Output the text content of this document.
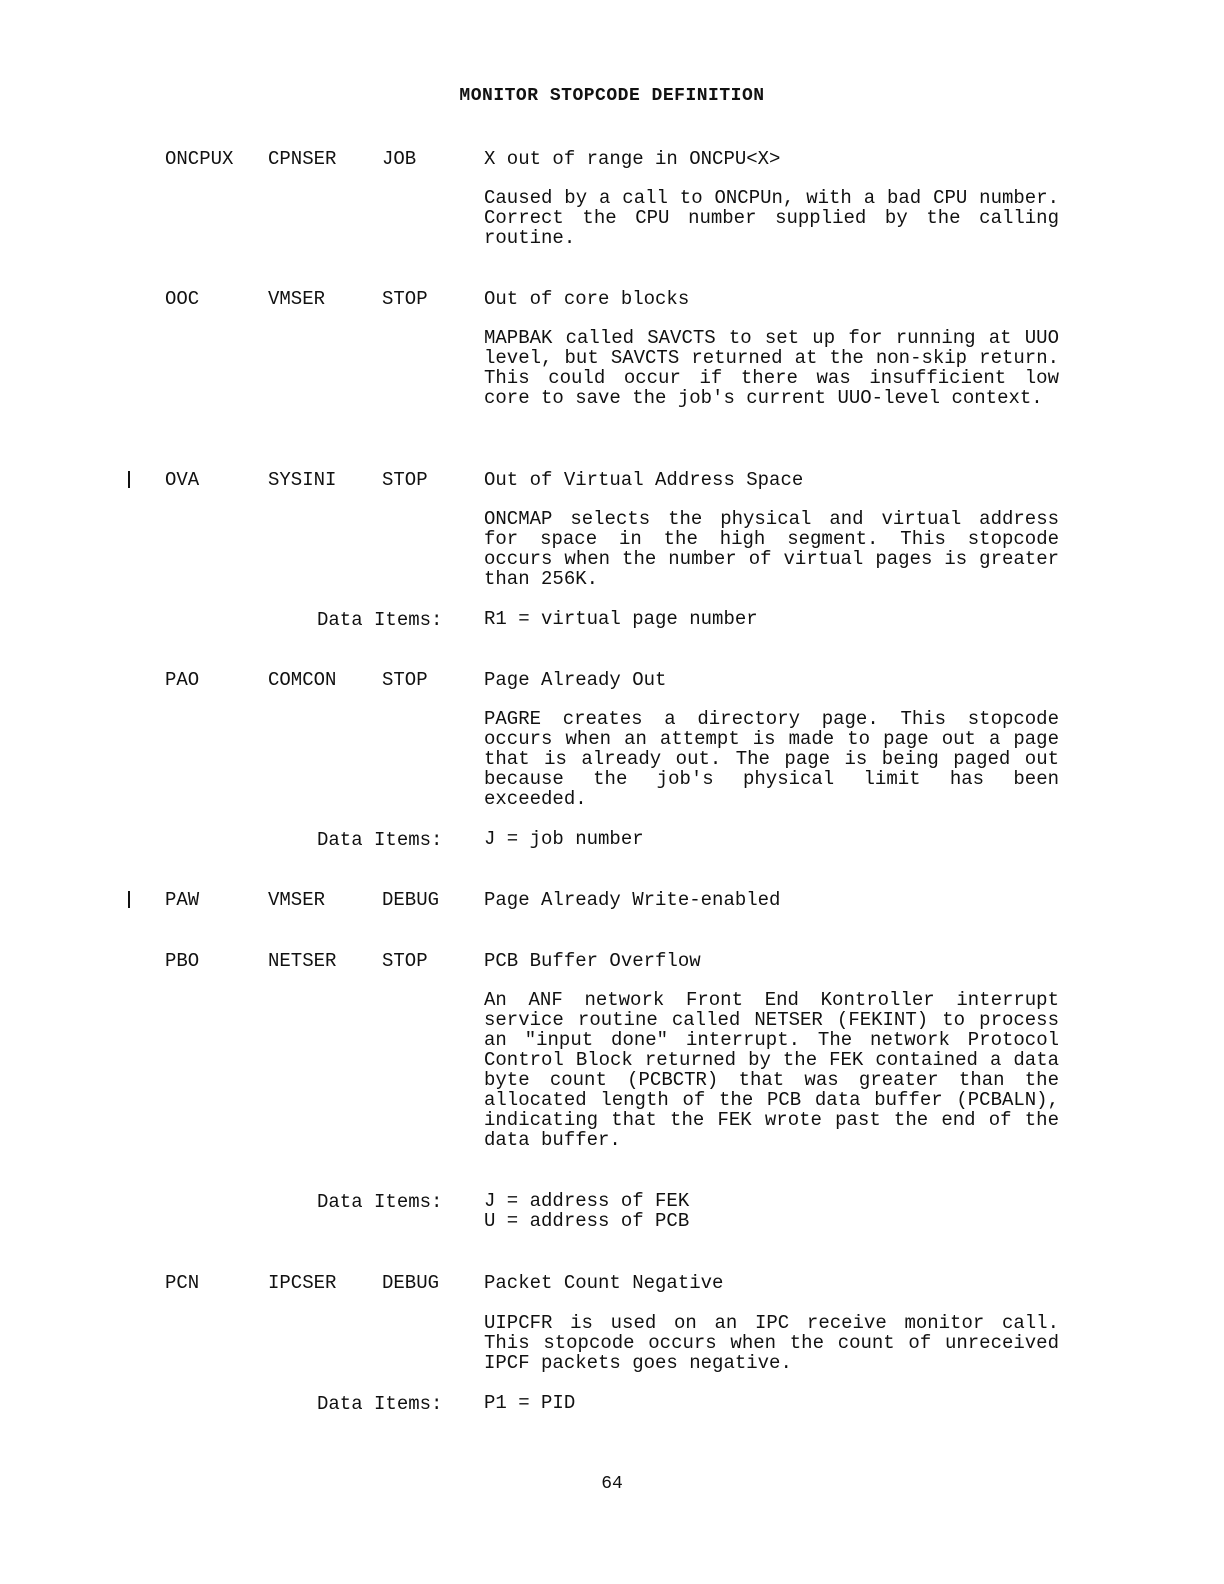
MONITOR STOPCODE DEFINITION
ONCPUX CPNSER JOB	X out of range in ONCPU<X>
Caused by a call to ONCPUn, with a bad CPU number. Correct the CPU number supplied by the calling routine.
OOC	VMSER	STOP	Out of core blocks
MAPBAK called SAVCTS to set up for running at UUO level, but SAVCTS returned at the non-skip return. This could occur if there was insufficient low core to save the job's current UUO-level context.
OVA	SYSINI STOP	Out of Virtual Address Space
ONCMAP selects the physical and virtual address for space in the high segment. This stopcode occurs when the number of virtual pages is greater than 256K.
Data Items: R1 = virtual page number
PAO	COMCON STOP	Page Already Out
PAGRE creates a directory page. This stopcode occurs when an attempt is made to page out a page that is already out. The page is being paged out because the job's physical limit has been exceeded.
Data Items: J = job number
PAW	VMSER	DEBUG Page Already Write-enabled
PBO	NETSER STOP	PCB Buffer Overflow
An ANF network Front End Kontroller interrupt service routine called NETSER (FEKINT) to process an "input done" interrupt. The network Protocol Control Block returned by the FEK contained a data byte count (PCBCTR) that was greater than the allocated length of the PCB data buffer (PCBALN), indicating that the FEK wrote past the end of the data buffer.
Data Items: J = address of FEK
U = address of PCB
PCN	IPCSER DEBUG Packet Count Negative
UIPCFR is used on an IPC receive monitor call. This stopcode occurs when the count of unreceived IPCF packets goes negative.
Data Items: P1 = PID
64
